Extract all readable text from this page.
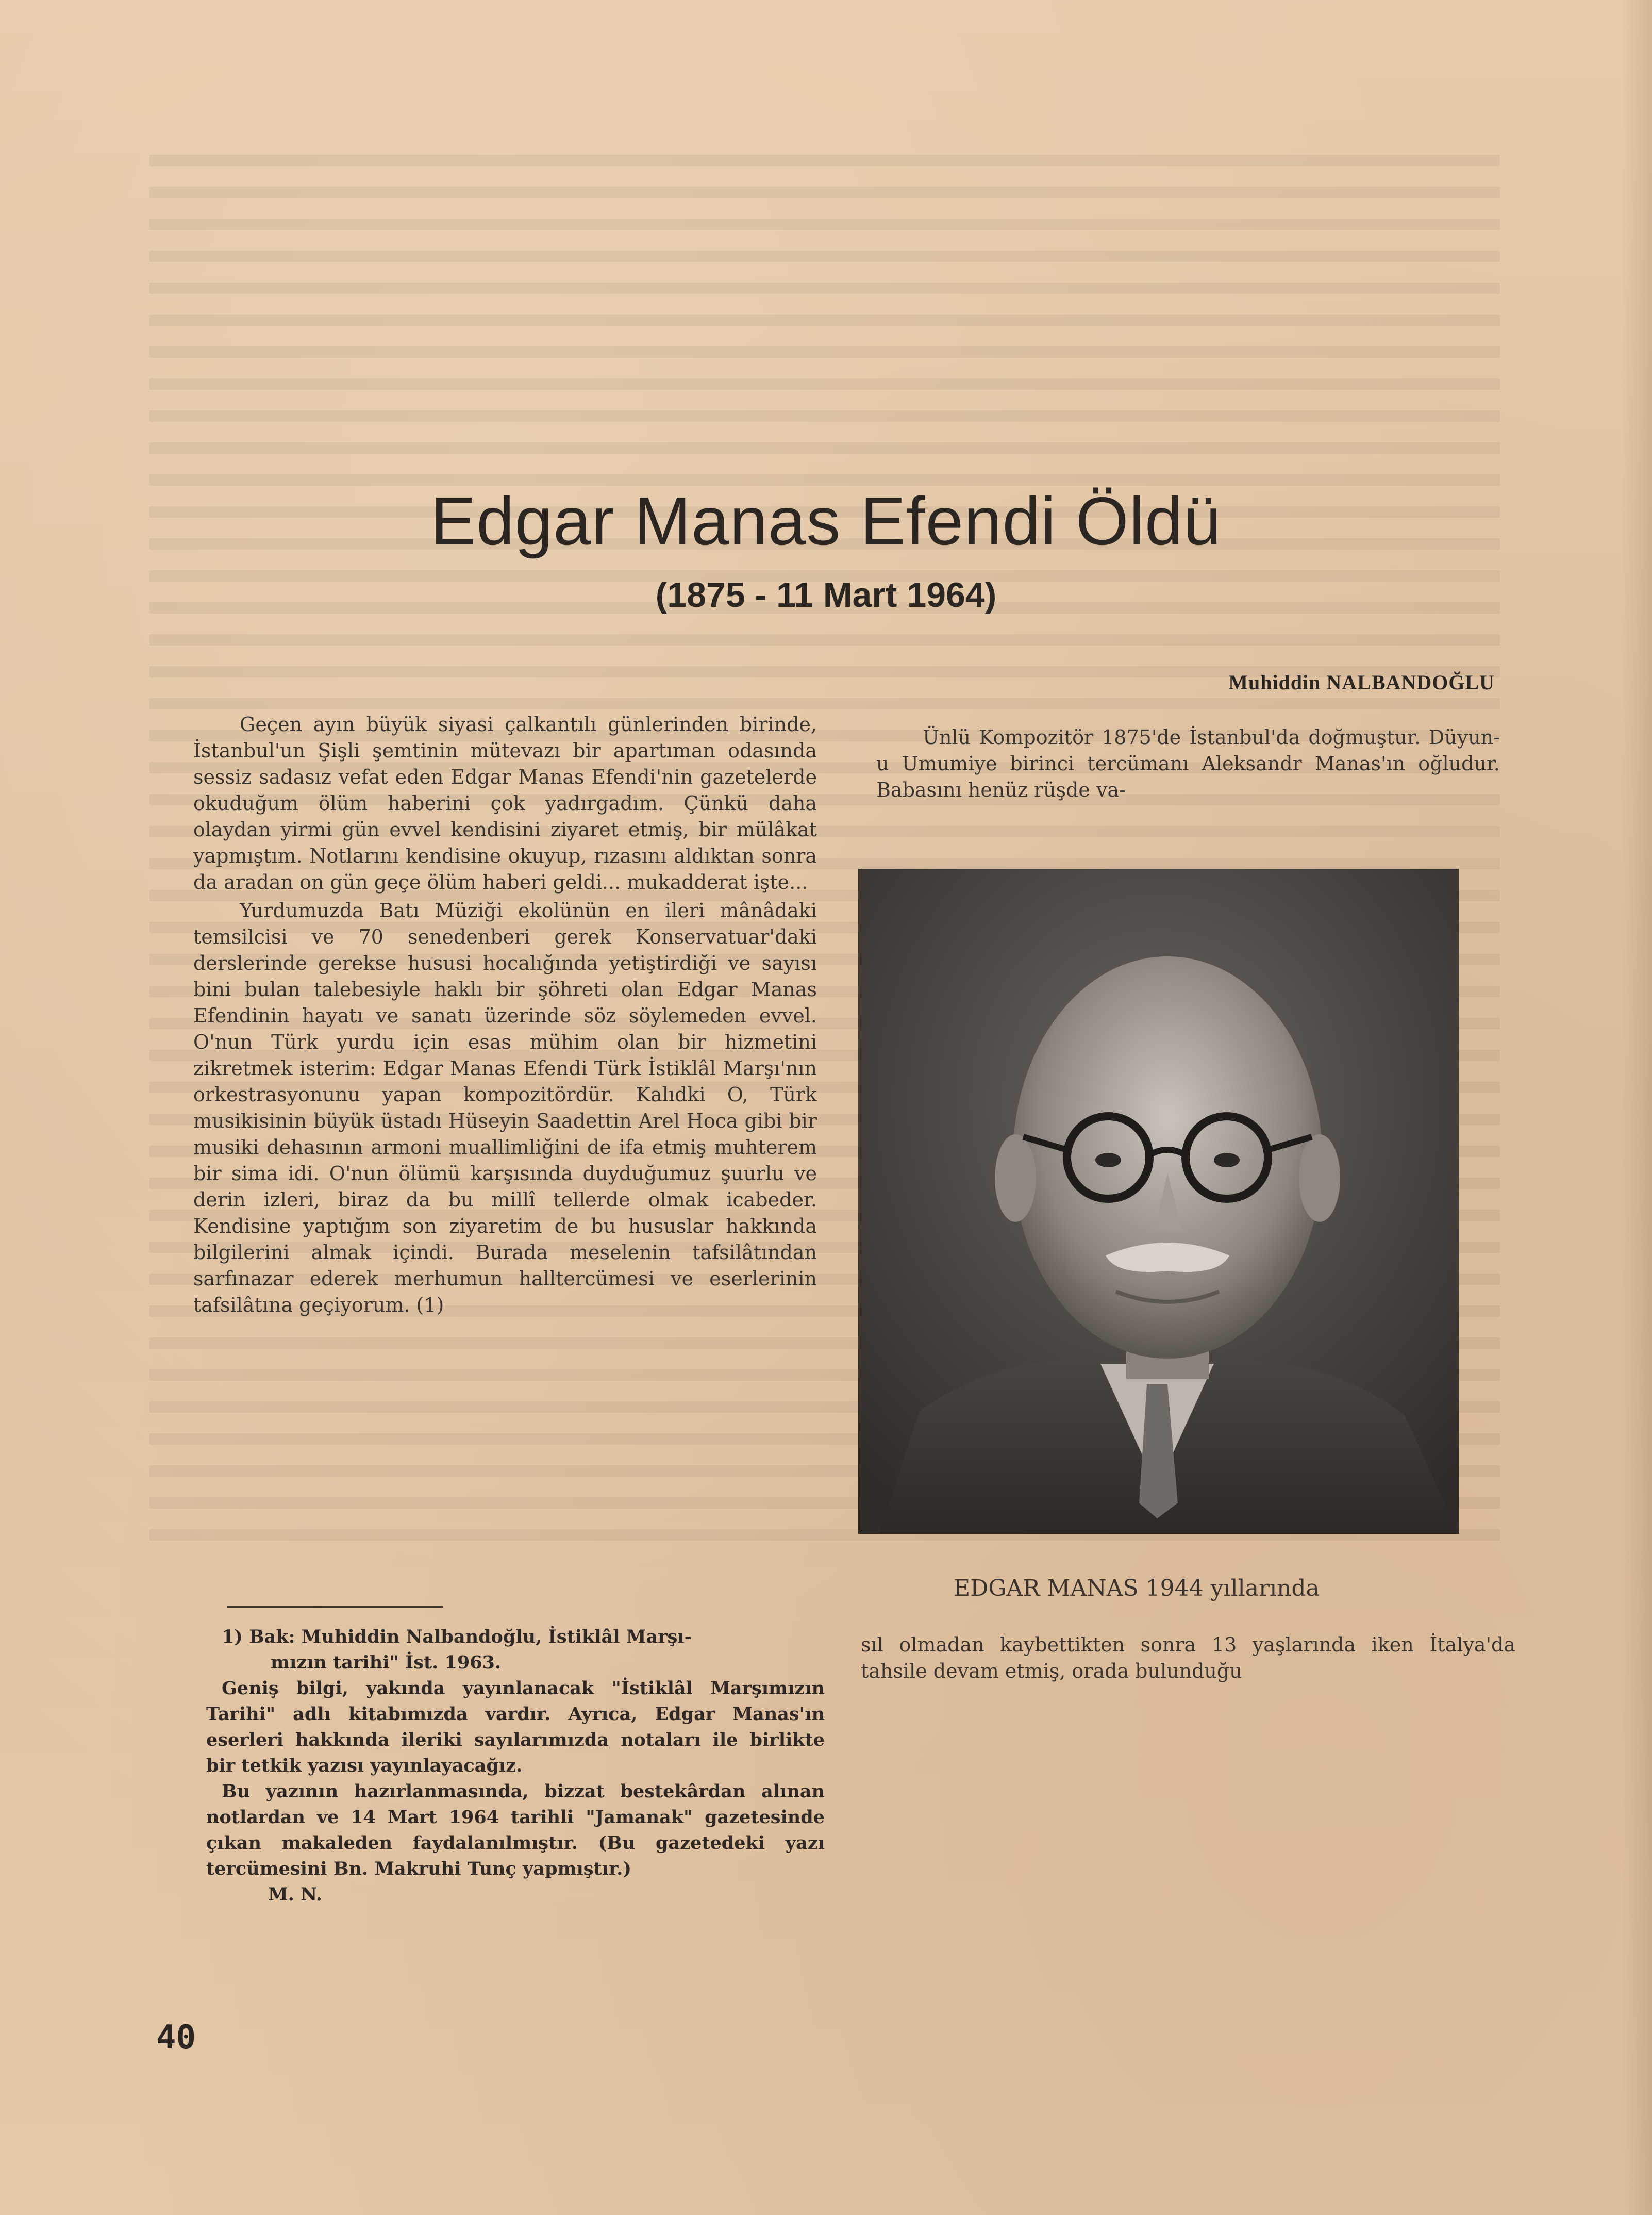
Edgar Manas Efendi Öldü
(1875 - 11 Mart 1964)
Muhiddin NALBANDOĞLU

Geçen ayın büyük siyasi çalkantılı günlerinden birinde, İstanbul'un Şişli şemtinin mütevazı bir apartıman odasında sessiz sadasız vefat eden Edgar Manas Efendi'nin gazetelerde okuduğum ölüm haberini çok yadırgadım. Çünkü daha olaydan yirmi gün evvel kendisini ziyaret etmiş, bir mülâkat yapmıştım. Notlarını kendisine okuyup, rızasını aldıktan sonra da aradan on gün geçe ölüm haberi geldi... mukadderat işte...

Yurdumuzda Batı Müziği ekolünün en ileri mânâdaki temsilcisi ve 70 senedenberi gerek Konservatuar'daki derslerinde gerekse hususi hocalığında yetiştirdiği ve sayısı bini bulan talebesiyle haklı bir şöhreti olan Edgar Manas Efendinin hayatı ve sanatı üzerinde söz söylemeden evvel. O'nun Türk yurdu için esas mühim olan bir hizmetini zikretmek isterim: Edgar Manas Efendi Türk İstiklâl Marşı'nın orkestrasyonunu yapan kompozitördür. Kalıdki O, Türk musikisinin büyük üstadı Hüseyin Saadettin Arel Hoca gibi bir musiki dehasının armoni muallimliğini de ifa etmiş muhterem bir sima idi. O'nun ölümü karşısında duyduğumuz şuurlu ve derin izleri, biraz da bu millî tellerde olmak icabeder. Kendisine yaptığım son ziyaretim de bu hususlar hakkında bilgilerini almak içindi. Burada meselenin tafsilâtından sarfınazar ederek merhumun halltercümesi ve eserlerinin tafsilâtına geçiyorum. (1)

Ünlü Kompozitör 1875'de İstanbul'da doğmuştur. Düyun-u Umumiye birinci tercümanı Aleksandr Manas'ın oğludur. Babasını henüz rüşde va-

EDGAR MANAS 1944 yıllarında

sıl olmadan kaybettikten sonra 13 yaşlarında iken İtalya'da tahsile devam etmiş, orada bulunduğu

1) Bak: Muhiddin Nalbandoğlu, İstiklâl Marşı-

mızın tarihi" İst. 1963.

Geniş bilgi, yakında yayınlanacak "İstiklâl Marşımızın Tarihi" adlı kitabımızda vardır. Ayrıca, Edgar Manas'ın eserleri hakkında ileriki sayılarımızda notaları ile birlikte bir tetkik yazısı yayınlayacağız.

Bu yazının hazırlanmasında, bizzat bestekârdan alınan notlardan ve 14 Mart 1964 tarihli "Jamanak" gazetesinde çıkan makaleden faydalanılmıştır. (Bu gazetedeki yazı tercümesini Bn. Makruhi Tunç yapmıştır.)

M. N.

40
